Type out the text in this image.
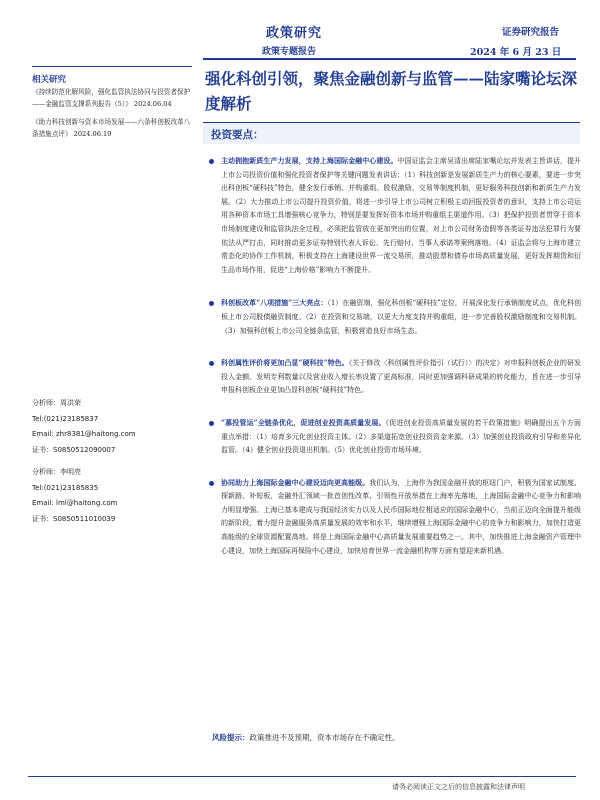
政策研究
政策专题报告
证券研究报告
2024 年 6 月 23 日
强化科创引领，聚焦金融创新与监管——陆家嘴论坛深度解析
相关研究
《持续防范化解风险，强化监管执法协同与投资者保护——金融监管支撑系列报告（5）》 2024.06.04
《助力科技创新与资本市场发展——六条科创板改革八条措施点评》 2024.06.19
分析师：周洪荣
Tel:(021)23185837
Email: zhr8381@haitong.com
证书：S0850512090007
分析师：李明亮
Tel:(021)23185835
Email: lml@haitong.com
证书：S0850511010039
投资要点：
主动拥抱新质生产力发展，支持上海国际金融中心建设。中国证监会主席吴清出席陆家嘴论坛并发表主旨讲话，提升上市公司投资价值和强化投资者保护等关键问题发表讲话：（1）科技创新是发展新质生产力的核心要素，要进一步突出科创板“硬科技”特色，健全发行承销、并购重组、股权激励、交易等制度机制，更好服务科技创新和新质生产力发展。（2）大力推动上市公司提升投资价值，将进一步引导上市公司树立积极主动回报投资者的意识，支持上市公司运用各种资本市场工具增强核心竞争力，特别是要发挥好资本市场并购重组主渠道作用。（3）把保护投资者贯穿于资本市场制度建设和监管执法全过程，必须把监管放在更加突出的位置，对上市公司财务造假等各类证券违法犯罪行为要依法从严打击，同时推动更多证券特别代表人诉讼、先行赔付、当事人承诺等案例落地。（4）证监会将与上海市建立常态化的协作工作机制，积极支持在上海建设世界一流交易所，推动股票和债券市场高质量发展，更好发挥期货和衍生品市场作用，促进“上海价格”影响力不断提升。
科创板改革“八项措施”三大亮点：（1）在融资端，强化科创板“硬科技”定位，开展深化发行承销制度试点，优化科创板上市公司股债融资制度。（2）在投资和交易端，以更大力度支持并购重组，进一步完善股权激励制度和交易机制。（3）加强科创板上市公司全链条监管，积极营造良好市场生态。
科创属性评价将更加凸显“硬科技”特色。《关于修改〈科创属性评价指引（试行）〉的决定》对申报科创板企业的研发投入金额、发明专利数量以及营业收入增长率设置了更高标准，同时更加强调科研成果的转化能力，旨在进一步引导申报科创板企业更加凸显科创板“硬科技”特色。
“募投管运”全链条优化，促进创业投资高质量发展。《促进创业投资高质量发展的若干政策措施》明确提出五个方面重点举措：（1）培育多元化创业投资主体。（2）多渠道拓宽创业投资资金来源。（3）加强创业投资政府引导和差异化监管。（4）健全创业投资退出机制。（5）优化创业投资市场环境。
协同助力上海国际金融中心建设迈向更高能级。我们认为，上海作为我国金融开放的枢纽门户，积极为国家试制度、探新路、补短板，金融外汇领域一批首创性改革，引领性开放举措在上海率先落地，上海国际金融中心竞争力和影响力明显增强。上海已基本建成与我国经济实力以及人民币国际地位相适应的国际金融中心，当前正迈向全面提升能级的新阶段，着力提升金融服务高质量发展的效率和水平，继续增强上海国际金融中心的竞争力和影响力，加快打造更高能级的全球资源配置高地。将是上海国际金融中心高质量发展重要趋势之一。其中，加快推进上海金融资产管理中心建设，加快上海国际再保险中心建设，加快培育世界一流金融机构等方面有望迎来新机遇。
风险提示：政策推进不及预期，资本市场存在不确定性。
请务必阅读正文之后的信息披露和法律声明
